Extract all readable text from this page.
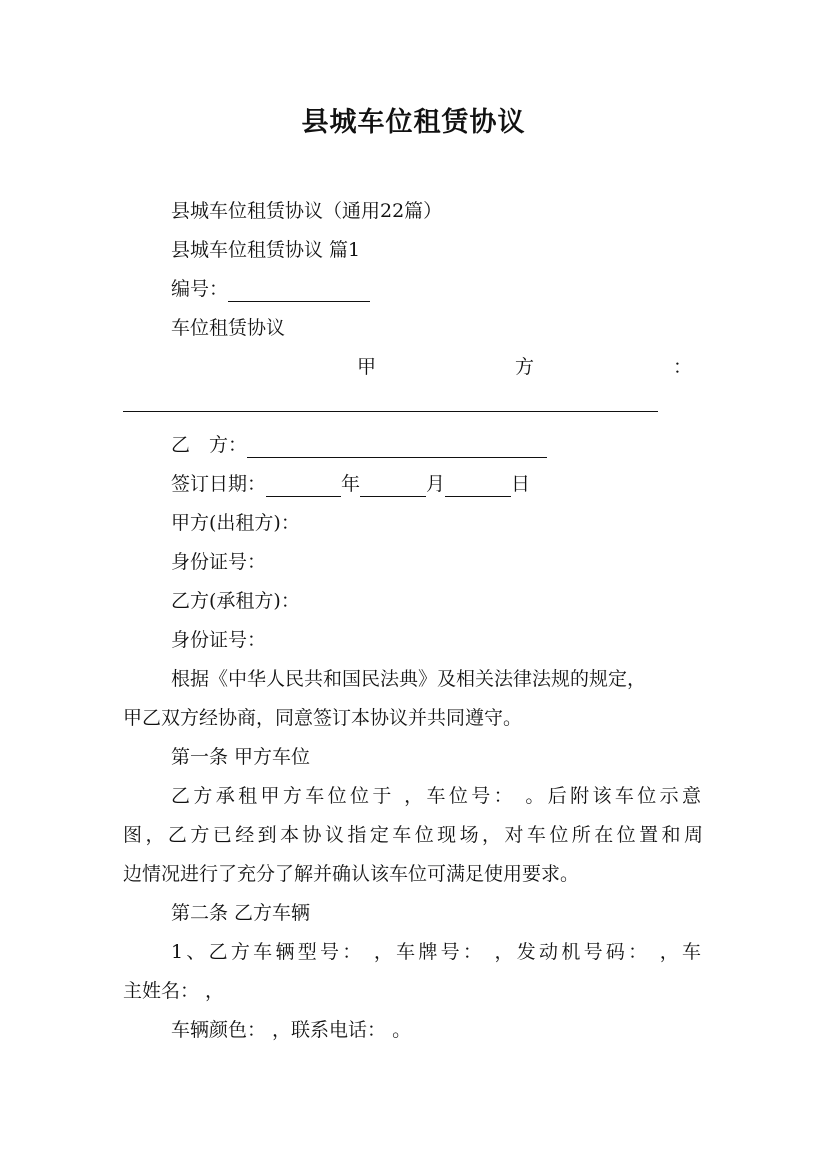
县城车位租赁协议
县城车位租赁协议（通用22篇）
县城车位租赁协议 篇1
编号：
车位租赁协议
甲	方	：
乙　方：
签订日期：	年	月	日
甲方(出租方)：
身份证号：
乙方(承租方)：
身份证号：
根据《中华人民共和国民法典》及相关法律法规的规定，
甲乙双方经协商，同意签订本协议并共同遵守。
第一条 甲方车位
乙方承租甲方车位位于 ，车位号： 。后附该车位示意
图，乙方已经到本协议指定车位现场，对车位所在位置和周
边情况进行了充分了解并确认该车位可满足使用要求。
第二条 乙方车辆
1、乙方车辆型号： ，车牌号： ，发动机号码： ，车
主姓名： ，
车辆颜色： ，联系电话： 。
